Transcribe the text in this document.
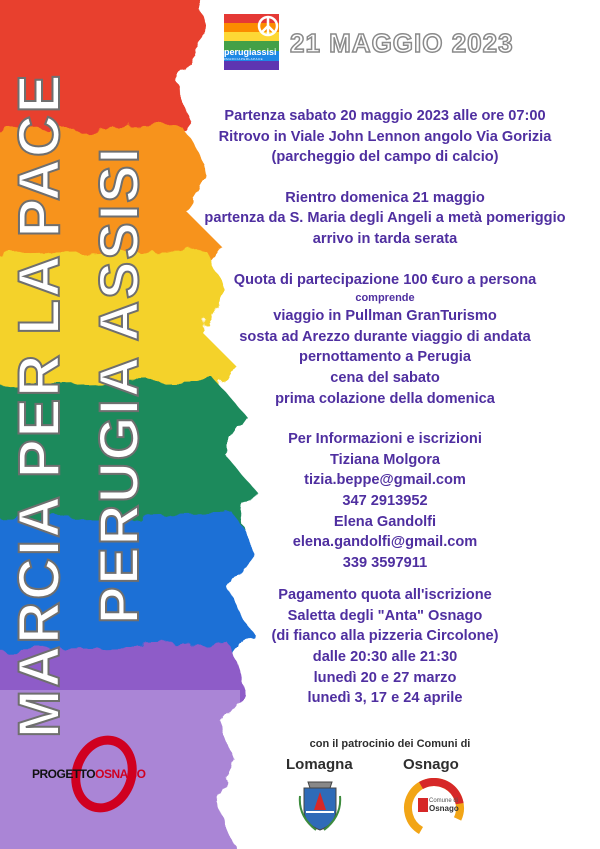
MARCIA PER LA PACE PERUGIA ASSISI
perugiassisi
#MARCIAPERLAPACE
21 MAGGIO 2023
Partenza sabato 20 maggio 2023 alle ore 07:00
Ritrovo in Viale John Lennon angolo Via Gorizia
(parcheggio del campo di calcio)
Rientro domenica 21 maggio
partenza da S. Maria degli Angeli a metà pomeriggio
arrivo in tarda serata
Quota di partecipazione 100 €uro a persona
comprende
viaggio in Pullman GranTurismo
sosta ad Arezzo durante viaggio di andata
pernottamento a Perugia
cena del sabato
prima colazione della domenica
Per Informazioni e iscrizioni
Tiziana Molgora
tizia.beppe@gmail.com
347 2913952
Elena Gandolfi
elena.gandolfi@gmail.com
339 3597911
Pagamento quota all'iscrizione
Saletta degli "Anta" Osnago
(di fianco alla pizzeria Circolone)
dalle 20:30 alle 21:30
lunedì 20 e 27 marzo
lunedì 3, 17 e 24 aprile
con il patrocinio dei Comuni di
Lomagna	Osnago
Comune di
Osnago
PROGETTOOSNAGO
